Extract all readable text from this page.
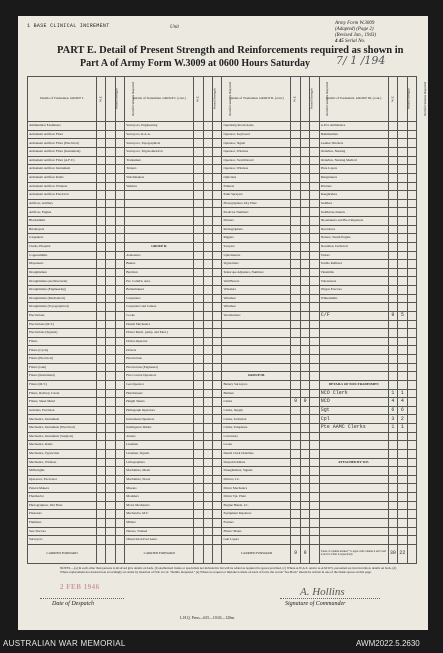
1 BASE CLINICAL INCREMENT	Unit
Army Form W.3009
(Adapted) (Page 2)
(Revised Jan., 1943)
4 45 Serial No.
PART E. Detail of Present Strength and Reinforcements required as shown in
Part A of Army Form W.3009 at 0600 Hours Saturday 7/ 1 /194
Details of Tradesmen. GROUP I.	W.E.	Posted Strength	Reinforcements Required	Details of Tradesmen. GROUP I. (cont.)	W.E.	Posted Strength	Reinforcements Required	Details of Tradesmen. GROUP II. (cont.)	W.E.	Posted Strength	Reinforcements Required	Details of Tradesmen. GROUP III. (cont.)	W.E.	Posted Strength	Reinforcements Required
Ammunition Examiners				Surveyors, Engineering				Operating Room Assts.				G.P.O. Ambulance			
Armament Artificer Fitter				Surveyors, R.A.A.				Operator, Keyboard				Hammermen			
Armament Artificer Fitter (Electrical)				Surveyors, Topographical				Operator, Signal				Leather Stitchers			
Armament Artificer Fitter (Instrument)				Surveyors, Trigonometrical				Operator, Wireless				Orderlies, Nursing			
Armament Artificer Fitter (A.F.V.)				Tradesmen				Operator, Switchboard				Orderlies, Nursing Medical			
Armament Artificer Instrument				Turners				Operator, Wireless				Plate Layers			
Armament Artificer Radio				Watchmakers				Opticians				Rangetakers			
Armament Artificer Wireless				Welders				Painters				Riveters			
Armament Artificer Electrical								Paint Sprayers				Roughriders			
Artificer, Artillery								Photographers, Dry Plate				Saddlers			
Artificer, Engine								Predictor Numbers				Saddletree makers			
Blacksmiths								Printers				Shoemakers and Boot Repairers			
Bricklayers								Radiographers				Stevedores			
Carpenters								Riggers				Stokers, Steam Engine			
Clerks, Hospital				GROUP II.				Sawyers				Storemen, Technical			
Coppersmiths				Armourers				Upholsterers				Tailors			
Dispensers				Bakers				Signwriters				Textile Refitters			
Draughtsmen				Butchers				Telescope Adjusters, Numbers				Tinsmiths			
Draughtsmen (Architectural)				Pte. Comd'n. Asst.				Wall Borers				Vulcanisers			
Draughtsmen (Engineering)				Boilermakers				Wheelers				Wagon Erectors			
Draughtsmen (Mechanical)				Carpenters				Wiremen				Whitesmiths			
Draughtsmen (Topographical)				Carpenters and Joiners				Wiremen							
Electricians				Cooks				Woodturners				C/F	9	5	
Electricians (M.T.)				Dental Mechanics											
Electricians (Signals)				Driver Mech. (Amp. and Med.)											
Fitters				Driver-Operator											
Fitters (Cycle)				Drivers											
Fitters (Electrical)				Electricians											
Fitters (Gun)				Electricians (Engineers)											
Fitters (Instrument)				Fire Control Operators				GROUP III.							
Fitters (M.T.)				Gas Operator				Battery Surveyors				DETAILS OF NON-TRADESMEN			
Fitters, Railway Carrel.				Hairdressers				Batmen				NCO Clerk	1	1	
Fitters, Sheet Metal				Height Takers				Clerks	9	9		NCO	4	4	
Grinders, Precision				Heliograph Operators				Clerks, Supply				Sgt	6	6	
Mechanics, Instrument				Instrument Operators				Clerks, Technical				Cpl	3	2	
Mechanics, Instrument (Electrical)				Intelligence Duties				Clerks, Telephone				Pte AAMC Clerks	1	1	
Mechanics, Instrument (Surgical)				Joiners				Converters							
Mechanics, Radio				Linemen				Cooks							
Mechanics, Typewriter				Linemen, Signals				Dental Clerk Orderlies							
Mechanics, Wireless				Lithographers				Despatch Riders				ATTACHED BY W.E.			
Millwrights				Machinists, Metal				Draughtsmen, Signals							
Operators, Excavator				Machinists, Wood				Drivers, I.C.							
Pattern Makers				Masons				Driver Mechanics							
Pharmacist				Moulders				Driver Tpt. Plant							
Photographers, Wet Plate				Motor Mechanics				Engine Hands, I.C.							
Plasterers				Mechanics, M.T.				Equipment Repairers							
Plumbers				Millers				Farriers							
Saw Doctors				Nurses, Trained				Fitters' Mates							
Surveyors				Observation Post Assts.				Gun Layers							
CARRIED FORWARD				CARRIED FORWARD				CARRIED FORWARD	9	9		Totals of columns marked * to agree with columns 4 and 5 and 4 and 10 of Part A respectively.	30	22	
NOTES.—(a) In each other than persons is involved give details on back. (b) Authorised trades or specialists not included in list will be added as required in spaces provided. (c) Where A.W.A.S. and/or A.A.M.W.S. personnel are involved show details on back. (d) Where replacement not desired note accordingly on return by insertion of N.R. in col. "Reinfs. Required." (e) Where no request or mistake is made on back of form, the words "See Back" should be written in one of the blank spaces on this page.
2 FEB 1946
Date of Despatch
A. Hollins
Signature of Commander
L.H.Q. Press—635—10/43—120m.
AUSTRALIAN WAR MEMORIAL	AWM2022.5.2630
